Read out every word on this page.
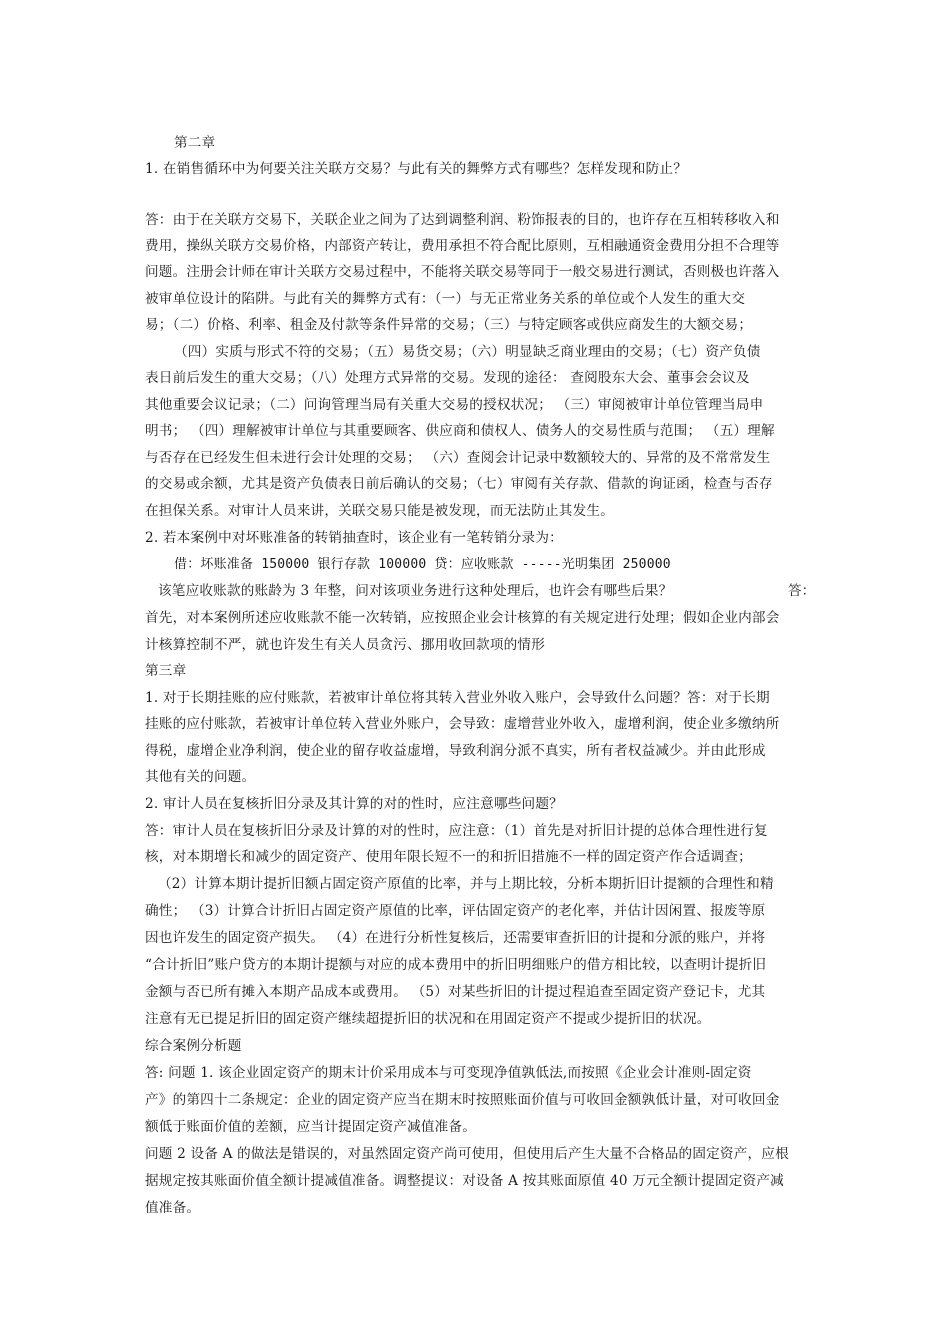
第二章
1. 在销售循环中为何要关注关联方交易？与此有关的舞弊方式有哪些？怎样发现和防止？
答：由于在关联方交易下，关联企业之间为了达到调整利润、粉饰报表的目的，也许存在互相转移收入和
费用，操纵关联方交易价格，内部资产转让，费用承担不符合配比原则，互相融通资金费用分担不合理等
问题。注册会计师在审计关联方交易过程中，不能将关联交易等同于一般交易进行测试，否则极也许落入
被审单位设计的陷阱。与此有关的舞弊方式有：（一）与无正常业务关系的单位或个人发生的重大交
易；（二）价格、利率、租金及付款等条件异常的交易；（三）与特定顾客或供应商发生的大额交易；
（四）实质与形式不符的交易；（五）易货交易；（六）明显缺乏商业理由的交易；（七）资产负债
表日前后发生的重大交易；（八）处理方式异常的交易。发现的途径： 查阅股东大会、董事会会议及
其他重要会议记录；（二）问询管理当局有关重大交易的授权状况； （三）审阅被审计单位管理当局申
明书； （四）理解被审计单位与其重要顾客、供应商和债权人、债务人的交易性质与范围； （五）理解
与否存在已经发生但未进行会计处理的交易； （六）查阅会计记录中数额较大的、异常的及不常常发生
的交易或余额，尤其是资产负债表日前后确认的交易；（七）审阅有关存款、借款的询证函，检查与否存
在担保关系。对审计人员来讲，关联交易只能是被发现，而无法防止其发生。
2. 若本案例中对坏账准备的转销抽查时，该企业有一笔转销分录为：
借：坏账准备 150000 银行存款 100000 贷：应收账款 -----光明集团 250000
该笔应收账款的账龄为 3 年整，问对该项业务进行这种处理后，也许会有哪些后果？	答：
首先，对本案例所述应收账款不能一次转销，应按照企业会计核算的有关规定进行处理；假如企业内部会
计核算控制不严，就也许发生有关人员贪污、挪用收回款项的情形
第三章
1. 对于长期挂账的应付账款，若被审计单位将其转入营业外收入账户，会导致什么问题？答：对于长期
挂账的应付账款，若被审计单位转入营业外账户，会导致：虚增营业外收入，虚增利润，使企业多缴纳所
得税，虚增企业净利润，使企业的留存收益虚增，导致利润分派不真实，所有者权益减少。并由此形成
其他有关的问题。
2. 审计人员在复核折旧分录及其计算的对的性时，应注意哪些问题？
答：审计人员在复核折旧分录及计算的对的性时，应注意：（1）首先是对折旧计提的总体合理性进行复
核，对本期增长和减少的固定资产、使用年限长短不一的和折旧措施不一样的固定资产作合适调查；
（2）计算本期计提折旧额占固定资产原值的比率，并与上期比较，分析本期折旧计提额的合理性和精
确性； （3）计算合计折旧占固定资产原值的比率，评估固定资产的老化率，并估计因闲置、报废等原
因也许发生的固定资产损失。 （4）在进行分析性复核后，还需要审查折旧的计提和分派的账户，并将
“合计折旧”账户贷方的本期计提额与对应的成本费用中的折旧明细账户的借方相比较，以查明计提折旧
金额与否已所有摊入本期产品成本或费用。 （5）对某些折旧的计提过程追查至固定资产登记卡，尤其
注意有无已提足折旧的固定资产继续超提折旧的状况和在用固定资产不提或少提折旧的状况。
综合案例分析题
答: 问题 1. 该企业固定资产的期末计价采用成本与可变现净值孰低法,而按照《企业会计准则-固定资
产》的第四十二条规定：企业的固定资产应当在期末时按照账面价值与可收回金额孰低计量，对可收回金
额低于账面价值的差额，应当计提固定资产减值准备。
问题 2 设备 A 的做法是错误的，对虽然固定资产尚可使用，但使用后产生大量不合格品的固定资产，应根
据规定按其账面价值全额计提减值准备。调整提议：对设备 A 按其账面原值 40 万元全额计提固定资产减
值准备。
